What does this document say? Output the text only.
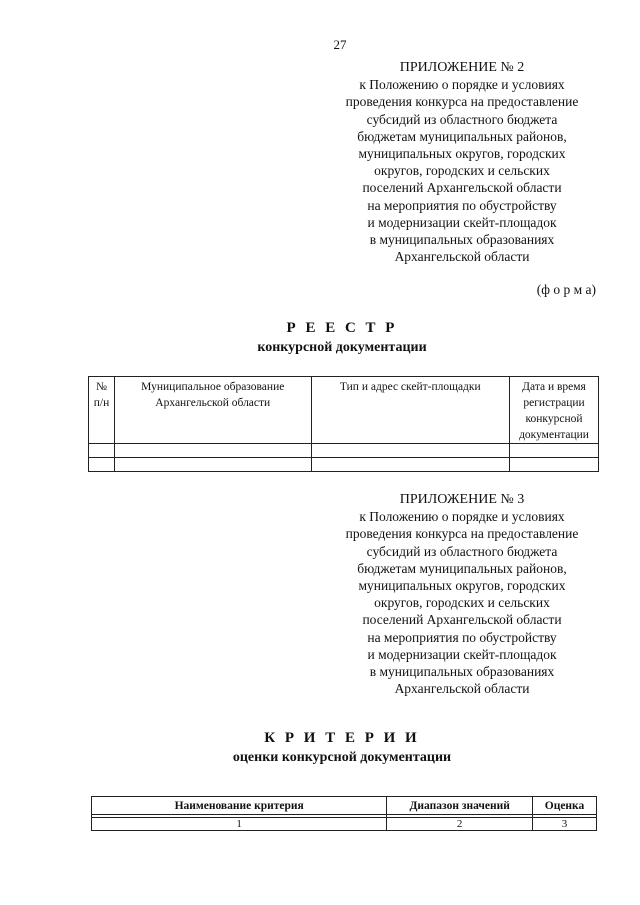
27
ПРИЛОЖЕНИЕ № 2
к Положению о порядке и условиях
проведения конкурса на предоставление
субсидий из областного бюджета
бюджетам муниципальных районов,
муниципальных округов, городских
округов, городских и сельских
поселений Архангельской области
на мероприятия по обустройству
и модернизации скейт-площадок
в муниципальных образованиях
Архангельской области
(ф о р м а)
Р Е Е С Т Р
конкурсной документации
№ п/н	Муниципальное образование Архангельской области	Тип и адрес скейт-площадки	Дата и время регистрации конкурсной документации

ПРИЛОЖЕНИЕ № 3
к Положению о порядке и условиях
проведения конкурса на предоставление
субсидий из областного бюджета
бюджетам муниципальных районов,
муниципальных округов, городских
округов, городских и сельских
поселений Архангельской области
на мероприятия по обустройству
и модернизации скейт-площадок
в муниципальных образованиях
Архангельской области
К Р И Т Е Р И И
оценки конкурсной документации
Наименование критерия	Диапазон значений	Оценка

1	2	3
